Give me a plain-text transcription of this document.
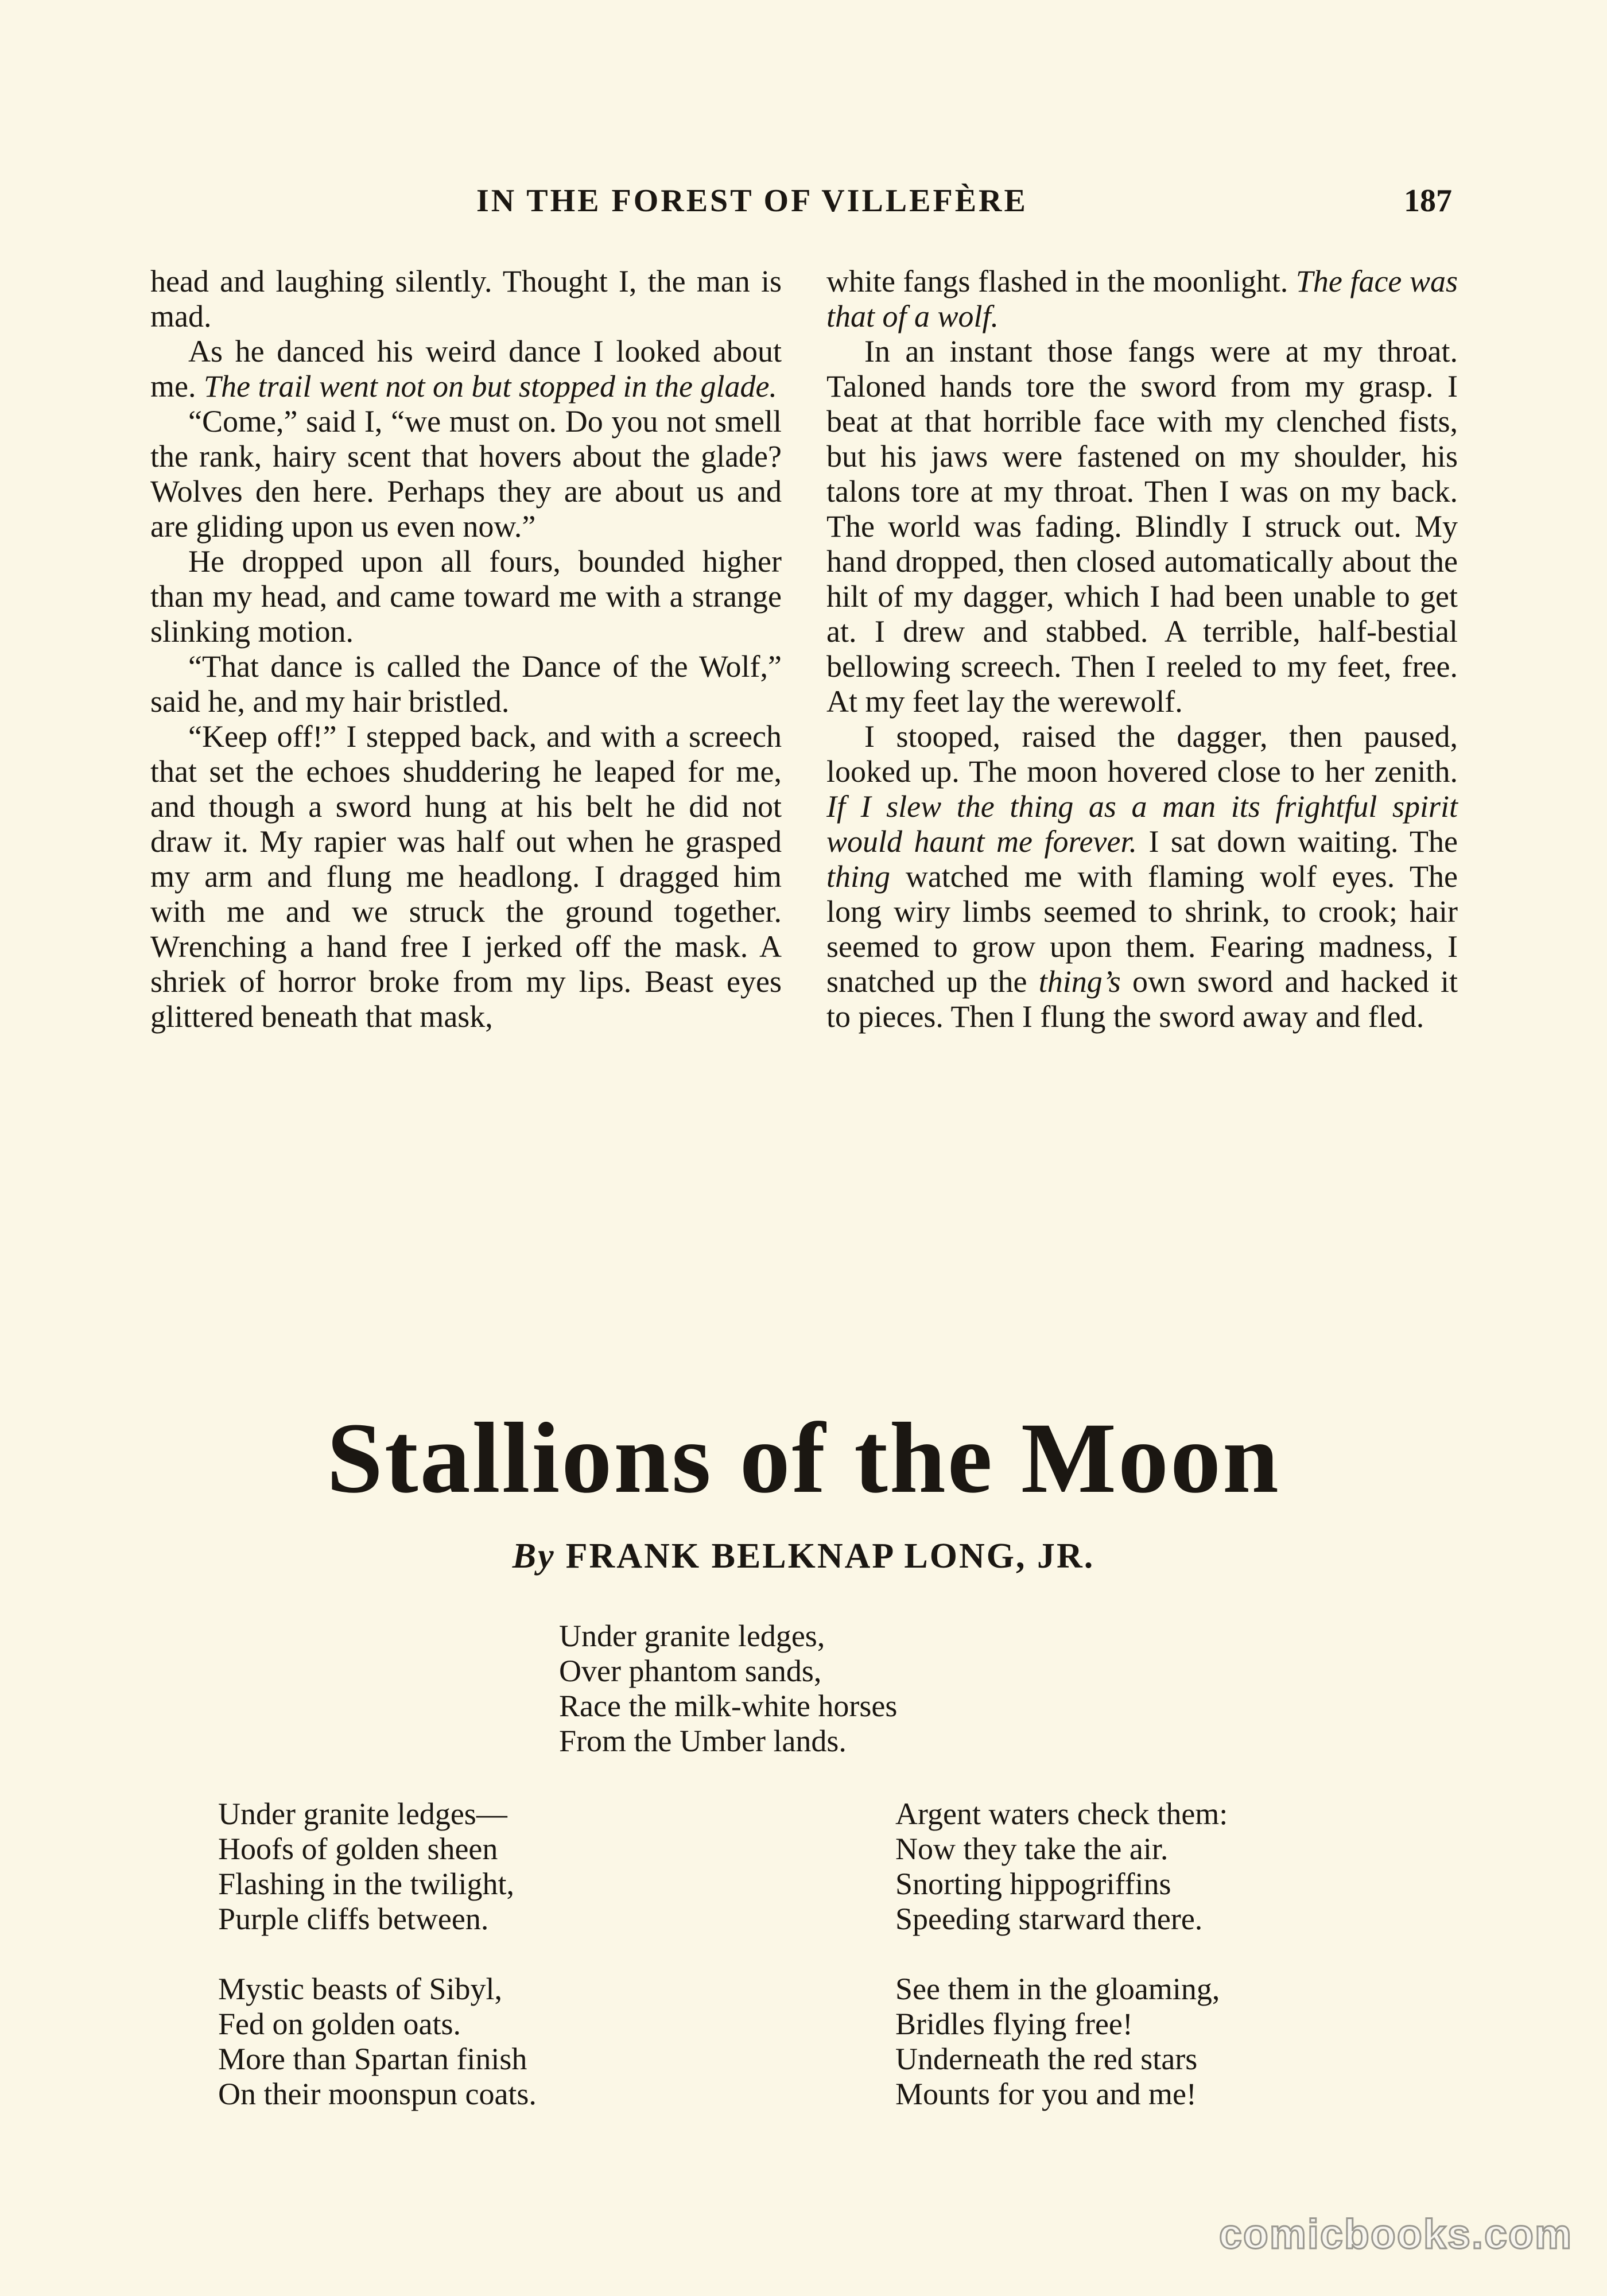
IN THE FOREST OF VILLEFÈRE	187

head and laughing silently. Thought I, the man is mad.

As he danced his weird dance I looked about me. The trail went not on but stopped in the glade.

“Come,” said I, “we must on. Do you not smell the rank, hairy scent that hovers about the glade? Wolves den here. Perhaps they are about us and are gliding upon us even now.”

He dropped upon all fours, bounded higher than my head, and came toward me with a strange slinking motion.

“That dance is called the Dance of the Wolf,” said he, and my hair bristled.

“Keep off!” I stepped back, and with a screech that set the echoes shuddering he leaped for me, and though a sword hung at his belt he did not draw it. My rapier was half out when he grasped my arm and flung me headlong. I dragged him with me and we struck the ground together. Wrenching a hand free I jerked off the mask. A shriek of horror broke from my lips. Beast eyes glittered beneath that mask,

white fangs flashed in the moonlight. The face was that of a wolf.

In an instant those fangs were at my throat. Taloned hands tore the sword from my grasp. I beat at that horrible face with my clenched fists, but his jaws were fastened on my shoulder, his talons tore at my throat. Then I was on my back. The world was fading. Blindly I struck out. My hand dropped, then closed automatically about the hilt of my dagger, which I had been unable to get at. I drew and stabbed. A terrible, half-bestial bellowing screech. Then I reeled to my feet, free. At my feet lay the werewolf.

I stooped, raised the dagger, then paused, looked up. The moon hovered close to her zenith. If I slew the thing as a man its frightful spirit would haunt me forever. I sat down waiting. The thing watched me with flaming wolf eyes. The long wiry limbs seemed to shrink, to crook; hair seemed to grow upon them. Fearing madness, I snatched up the thing’s own sword and hacked it to pieces. Then I flung the sword away and fled.

Stallions of the Moon
By FRANK BELKNAP LONG, JR.

Under granite ledges,

Over phantom sands,

Race the milk-white horses

From the Umber lands.

Under granite ledges—

Hoofs of golden sheen

Flashing in the twilight,

Purple cliffs between.

Argent waters check them:

Now they take the air.

Snorting hippogriffins

Speeding starward there.

Mystic beasts of Sibyl,

Fed on golden oats.

More than Spartan finish

On their moonspun coats.

See them in the gloaming,

Bridles flying free!

Underneath the red stars

Mounts for you and me!

comicbooks.com
